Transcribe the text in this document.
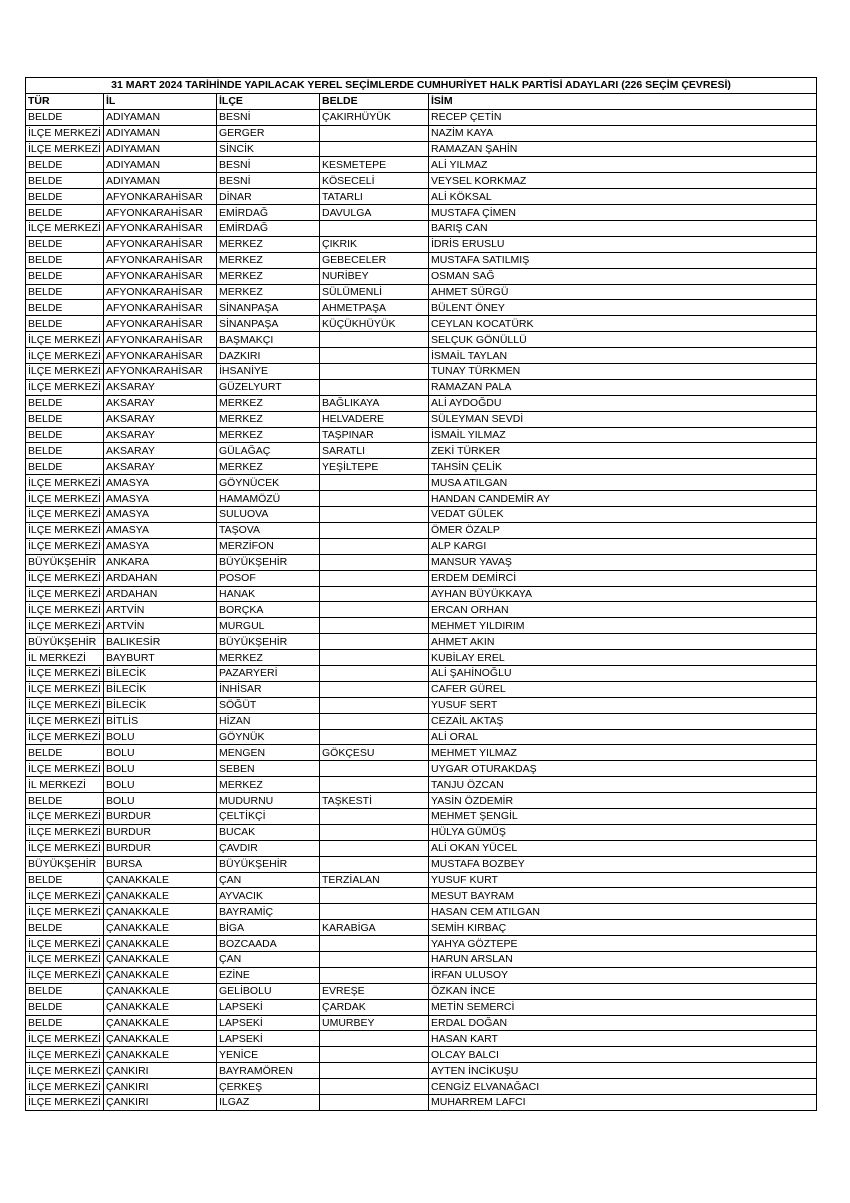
31 MART 2024 TARİHİNDE YAPILACAK YEREL SEÇİMLERDE CUMHURİYET HALK PARTİSİ ADAYLARI (226 SEÇİM ÇEVRESİ)				
TÜR	İL	İLÇE	BELDE	İSİM
BELDE	ADIYAMAN	BESNİ	ÇAKIRHÜYÜK	RECEP ÇETİN
İLÇE MERKEZİ	ADIYAMAN	GERGER		NAZİM KAYA
İLÇE MERKEZİ	ADIYAMAN	SİNCİK		RAMAZAN ŞAHİN
BELDE	ADIYAMAN	BESNİ	KESMETEPE	ALİ YILMAZ
BELDE	ADIYAMAN	BESNİ	KÖSECELİ	VEYSEL KORKMAZ
BELDE	AFYONKARAHİSAR	DİNAR	TATARLI	ALİ KÖKSAL
BELDE	AFYONKARAHİSAR	EMİRDAĞ	DAVULGA	MUSTAFA ÇİMEN
İLÇE MERKEZİ	AFYONKARAHİSAR	EMİRDAĞ		BARIŞ CAN
BELDE	AFYONKARAHİSAR	MERKEZ	ÇIKRIK	İDRİS ERUSLU
BELDE	AFYONKARAHİSAR	MERKEZ	GEBECELER	MUSTAFA SATILMIŞ
BELDE	AFYONKARAHİSAR	MERKEZ	NURİBEY	OSMAN SAĞ
BELDE	AFYONKARAHİSAR	MERKEZ	SÜLÜMENLİ	AHMET SÜRGÜ
BELDE	AFYONKARAHİSAR	SİNANPAŞA	AHMETPAŞA	BÜLENT ÖNEY
BELDE	AFYONKARAHİSAR	SİNANPAŞA	KÜÇÜKHÜYÜK	CEYLAN KOCATÜRK
İLÇE MERKEZİ	AFYONKARAHİSAR	BAŞMAKÇI		SELÇUK GÖNÜLLÜ
İLÇE MERKEZİ	AFYONKARAHİSAR	DAZKIRI		İSMAİL TAYLAN
İLÇE MERKEZİ	AFYONKARAHİSAR	İHSANİYE		TUNAY TÜRKMEN
İLÇE MERKEZİ	AKSARAY	GÜZELYURT		RAMAZAN PALA
BELDE	AKSARAY	MERKEZ	BAĞLIKAYA	ALİ AYDOĞDU
BELDE	AKSARAY	MERKEZ	HELVADERE	SÜLEYMAN SEVDİ
BELDE	AKSARAY	MERKEZ	TAŞPINAR	İSMAİL YILMAZ
BELDE	AKSARAY	GÜLAĞAÇ	SARATLI	ZEKİ TÜRKER
BELDE	AKSARAY	MERKEZ	YEŞİLTEPE	TAHSİN ÇELİK
İLÇE MERKEZİ	AMASYA	GÖYNÜCEK		MUSA ATILGAN
İLÇE MERKEZİ	AMASYA	HAMAMÖZÜ		HANDAN CANDEMİR AY
İLÇE MERKEZİ	AMASYA	SULUOVA		VEDAT GÜLEK
İLÇE MERKEZİ	AMASYA	TAŞOVA		ÖMER ÖZALP
İLÇE MERKEZİ	AMASYA	MERZİFON		ALP KARGI
BÜYÜKŞEHİR	ANKARA	BÜYÜKŞEHİR		MANSUR YAVAŞ
İLÇE MERKEZİ	ARDAHAN	POSOF		ERDEM DEMİRCİ
İLÇE MERKEZİ	ARDAHAN	HANAK		AYHAN BÜYÜKKAYA
İLÇE MERKEZİ	ARTVİN	BORÇKA		ERCAN ORHAN
İLÇE MERKEZİ	ARTVİN	MURGUL		MEHMET YILDIRIM
BÜYÜKŞEHİR	BALIKESİR	BÜYÜKŞEHİR		AHMET AKIN
İL MERKEZİ	BAYBURT	MERKEZ		KUBİLAY EREL
İLÇE MERKEZİ	BİLECİK	PAZARYERİ		ALİ ŞAHİNOĞLU
İLÇE MERKEZİ	BİLECİK	İNHİSAR		CAFER GÜREL
İLÇE MERKEZİ	BİLECİK	SÖĞÜT		YUSUF SERT
İLÇE MERKEZİ	BİTLİS	HİZAN		CEZAİL AKTAŞ
İLÇE MERKEZİ	BOLU	GÖYNÜK		ALİ ORAL
BELDE	BOLU	MENGEN	GÖKÇESU	MEHMET YILMAZ
İLÇE MERKEZİ	BOLU	SEBEN		UYGAR OTURAKDAŞ
İL MERKEZİ	BOLU	MERKEZ		TANJU ÖZCAN
BELDE	BOLU	MUDURNU	TAŞKESTİ	YASİN ÖZDEMİR
İLÇE MERKEZİ	BURDUR	ÇELTİKÇİ		MEHMET ŞENGİL
İLÇE MERKEZİ	BURDUR	BUCAK		HÜLYA GÜMÜŞ
İLÇE MERKEZİ	BURDUR	ÇAVDIR		ALİ OKAN YÜCEL
BÜYÜKŞEHİR	BURSA	BÜYÜKŞEHİR		MUSTAFA BOZBEY
BELDE	ÇANAKKALE	ÇAN	TERZİALAN	YUSUF KURT
İLÇE MERKEZİ	ÇANAKKALE	AYVACIK		MESUT BAYRAM
İLÇE MERKEZİ	ÇANAKKALE	BAYRAMİÇ		HASAN CEM ATILGAN
BELDE	ÇANAKKALE	BİGA	KARABİGA	SEMİH KIRBAÇ
İLÇE MERKEZİ	ÇANAKKALE	BOZCAADA		YAHYA GÖZTEPE
İLÇE MERKEZİ	ÇANAKKALE	ÇAN		HARUN ARSLAN
İLÇE MERKEZİ	ÇANAKKALE	EZİNE		İRFAN ULUSOY
BELDE	ÇANAKKALE	GELİBOLU	EVREŞE	ÖZKAN İNCE
BELDE	ÇANAKKALE	LAPSEKİ	ÇARDAK	METİN SEMERCİ
BELDE	ÇANAKKALE	LAPSEKİ	UMURBEY	ERDAL DOĞAN
İLÇE MERKEZİ	ÇANAKKALE	LAPSEKİ		HASAN KART
İLÇE MERKEZİ	ÇANAKKALE	YENİCE		OLCAY BALCI
İLÇE MERKEZİ	ÇANKIRI	BAYRAMÖREN		AYTEN İNCİKUŞU
İLÇE MERKEZİ	ÇANKIRI	ÇERKEŞ		CENGİZ ELVANAĞACI
İLÇE MERKEZİ	ÇANKIRI	ILGAZ		MUHARREM LAFCI
